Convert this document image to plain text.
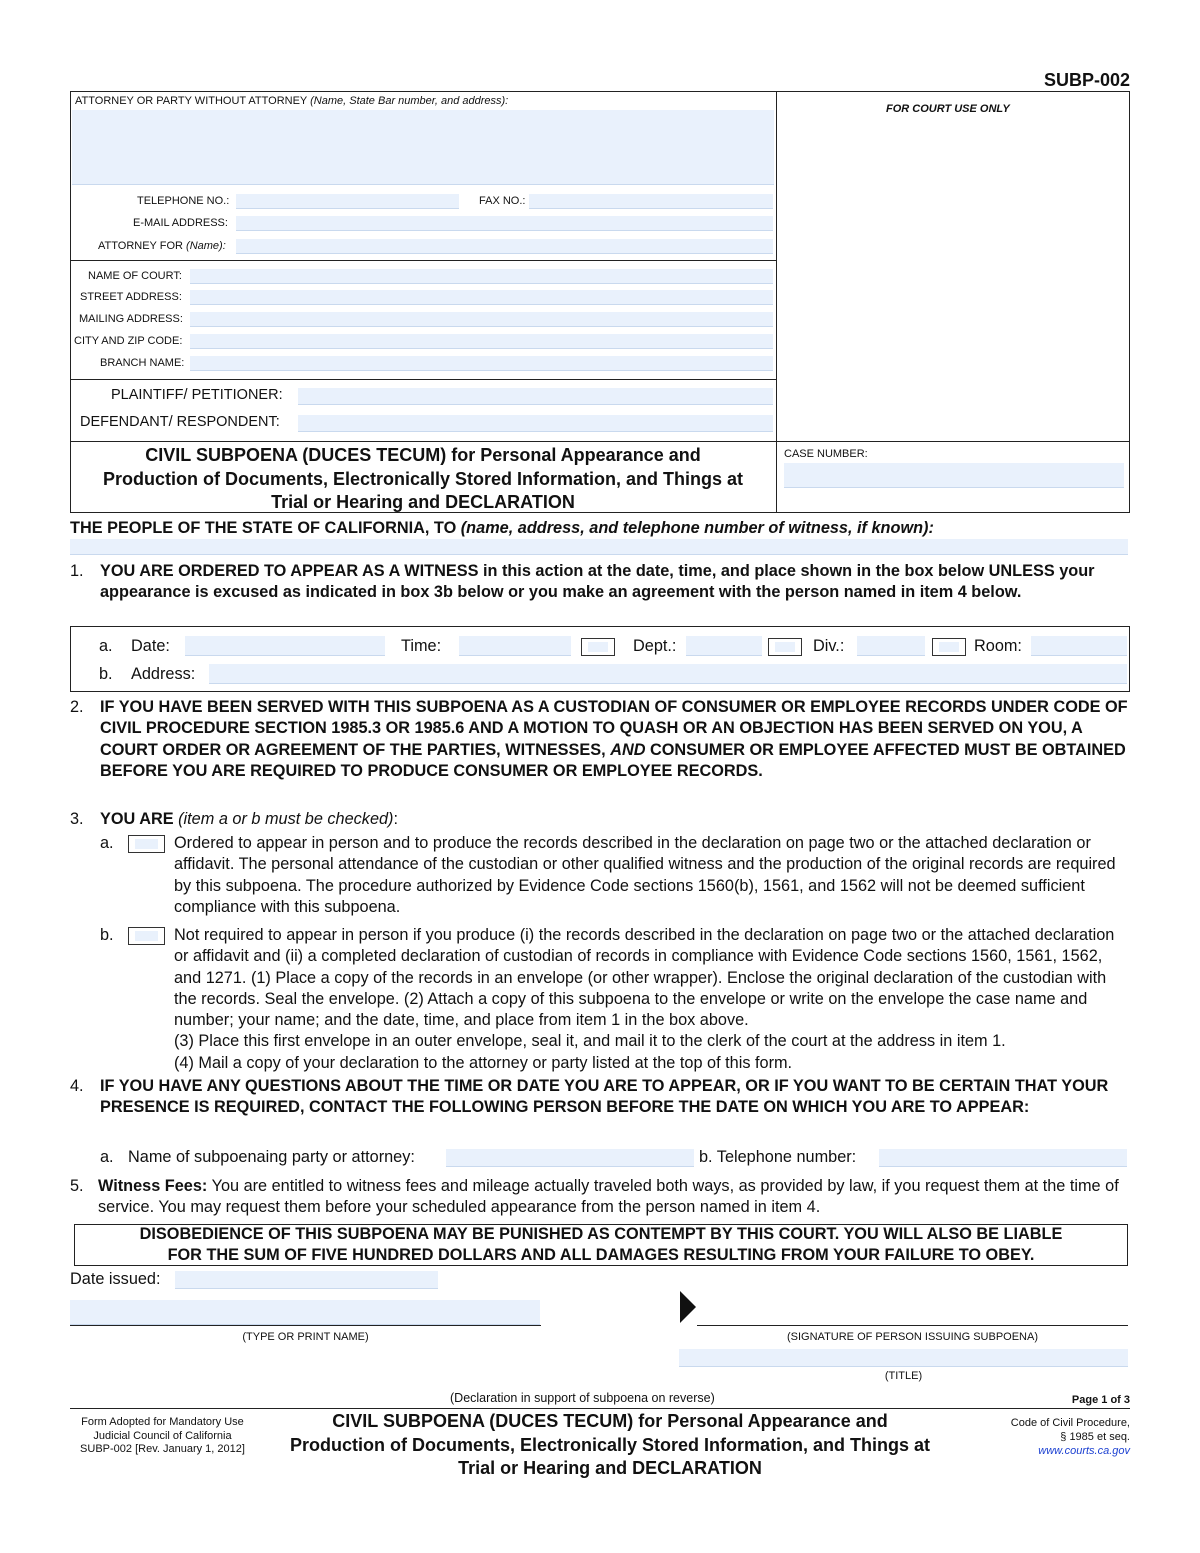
SUBP-002
ATTORNEY OR PARTY WITHOUT ATTORNEY (Name, State Bar number, and address):
FOR COURT USE ONLY
TELEPHONE NO.:	FAX NO.:
E-MAIL ADDRESS:
ATTORNEY FOR (Name):
NAME OF COURT:
STREET ADDRESS:
MAILING ADDRESS:
CITY AND ZIP CODE:
BRANCH NAME:
PLAINTIFF/ PETITIONER:
DEFENDANT/ RESPONDENT:
CIVIL SUBPOENA (DUCES TECUM) for Personal Appearance and
Production of Documents, Electronically Stored Information, and Things at
Trial or Hearing and DECLARATION
CASE NUMBER:
THE PEOPLE OF THE STATE OF CALIFORNIA, TO (name, address, and telephone number of witness, if known):
1. YOU ARE ORDERED TO APPEAR AS A WITNESS in this action at the date, time, and place shown in the box below UNLESS your appearance is excused as indicated in box 3b below or you make an agreement with the person named in item 4 below.
a. Date:	Time:	Dept.:	Div.:	Room:
b. Address:
2. IF YOU HAVE BEEN SERVED WITH THIS SUBPOENA AS A CUSTODIAN OF CONSUMER OR EMPLOYEE RECORDS UNDER CODE OF CIVIL PROCEDURE SECTION 1985.3 OR 1985.6 AND A MOTION TO QUASH OR AN OBJECTION HAS BEEN SERVED ON YOU, A COURT ORDER OR AGREEMENT OF THE PARTIES, WITNESSES, AND CONSUMER OR EMPLOYEE AFFECTED MUST BE OBTAINED BEFORE YOU ARE REQUIRED TO PRODUCE CONSUMER OR EMPLOYEE RECORDS.
3. YOU ARE (item a or b must be checked):
a.	Ordered to appear in person and to produce the records described in the declaration on page two or the attached declaration or affidavit. The personal attendance of the custodian or other qualified witness and the production of the original records are required by this subpoena. The procedure authorized by Evidence Code sections 1560(b), 1561, and 1562 will not be deemed sufficient compliance with this subpoena.
b.	Not required to appear in person if you produce (i) the records described in the declaration on page two or the attached declaration or affidavit and (ii) a completed declaration of custodian of records in compliance with Evidence Code sections 1560, 1561, 1562, and 1271. (1) Place a copy of the records in an envelope (or other wrapper). Enclose the original declaration of the custodian with the records. Seal the envelope. (2) Attach a copy of this subpoena to the envelope or write on the envelope the case name and number; your name; and the date, time, and place from item 1 in the box above.
(3) Place this first envelope in an outer envelope, seal it, and mail it to the clerk of the court at the address in item 1.
(4) Mail a copy of your declaration to the attorney or party listed at the top of this form.
4. IF YOU HAVE ANY QUESTIONS ABOUT THE TIME OR DATE YOU ARE TO APPEAR, OR IF YOU WANT TO BE CERTAIN THAT YOUR PRESENCE IS REQUIRED, CONTACT THE FOLLOWING PERSON BEFORE THE DATE ON WHICH YOU ARE TO APPEAR:
a. Name of subpoenaing party or attorney:	b. Telephone number:
5. Witness Fees: You are entitled to witness fees and mileage actually traveled both ways, as provided by law, if you request them at the time of service. You may request them before your scheduled appearance from the person named in item 4.
DISOBEDIENCE OF THIS SUBPOENA MAY BE PUNISHED AS CONTEMPT BY THIS COURT. YOU WILL ALSO BE LIABLE
FOR THE SUM OF FIVE HUNDRED DOLLARS AND ALL DAMAGES RESULTING FROM YOUR FAILURE TO OBEY.
Date issued:
(TYPE OR PRINT NAME)	(SIGNATURE OF PERSON ISSUING SUBPOENA)
(TITLE)
(Declaration in support of subpoena on reverse)	Page 1 of 3
Form Adopted for Mandatory Use
Judicial Council of California
SUBP-002 [Rev. January 1, 2012]
CIVIL SUBPOENA (DUCES TECUM) for Personal Appearance and
Production of Documents, Electronically Stored Information, and Things at
Trial or Hearing and DECLARATION
Code of Civil Procedure,
§ 1985 et seq.
www.courts.ca.gov
